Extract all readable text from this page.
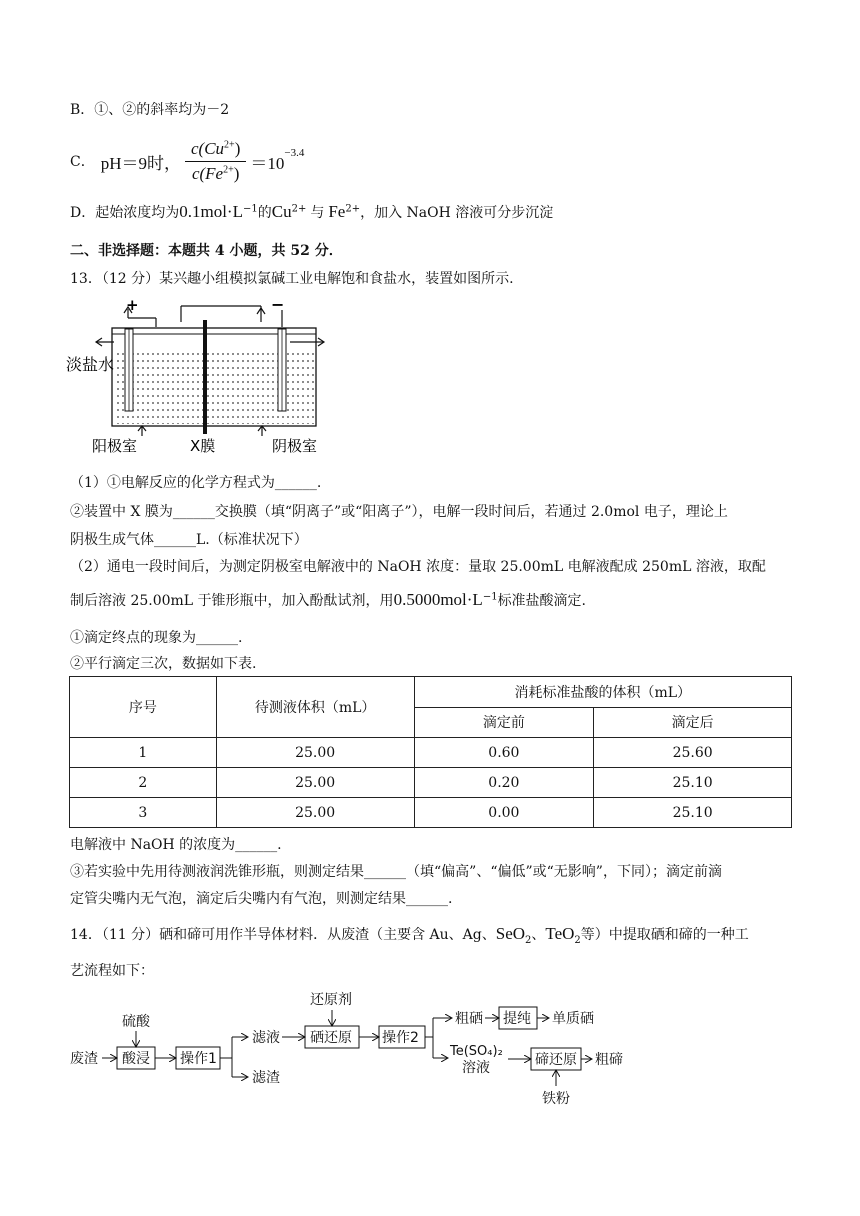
B．①、②的斜率均为－2
C． pH＝9时， $\frac{c(Cu^{2+})}{c(Fe^{2+})} =10$
$^{-3.4}$
D．起始浓度均为$0.1mol\cdot L^{-1}$的$Cu^{2+}$ 与 $Fe^{2+}$，加入 NaOH 溶液可分步沉淀
二、非选择题：本题共 4 小题，共 52 分．
13．（12 分）某兴趣小组模拟氯碱工业电解饱和食盐水，装置如图所示.
+	−
淡盐水
阳极室	X膜	阴极室
（1）①电解反应的化学方程式为______.
②装置中 X 膜为______交换膜（填“阴离子”或“阳离子”），电解一段时间后，若通过 2.0mol 电子，理论上
阴极生成气体______L.（标准状况下）
（2）通电一段时间后，为测定阴极室电解液中的 NaOH 浓度：量取 25.00mL 电解液配成 250mL 溶液，取配
制后溶液 25.00mL 于锥形瓶中，加入酚酞试剂，用$0.5000mol\cdot L^{-1}$标准盐酸滴定.
①滴定终点的现象为______.
②平行滴定三次，数据如下表.
序号	待测液体积（mL）	消耗标准盐酸的体积（mL）	
		滴定前	滴定后
1	25.00	0.60	25.60
2	25.00	0.20	25.10
3	25.00	0.00	25.10
电解液中 NaOH 的浓度为______.
③若实验中先用待测液润洗锥形瓶，则测定结果______（填“偏高”、“偏低”或“无影响”，下同）；滴定前滴
定管尖嘴内无气泡，滴定后尖嘴内有气泡，则测定结果______.
14．（11 分）硒和碲可用作半导体材料．从废渣（主要含 Au、Ag、SeO$_2$、TeO$_2$等）中提取硒和碲的一种工
艺流程如下：
废渣
硫酸
酸浸 操作1
滤液
滤渣
还原剂
硒还原 操作2
粗硒 提纯 单质硒
Te(SO₄)₂
溶液	碲还原 粗碲
铁粉
